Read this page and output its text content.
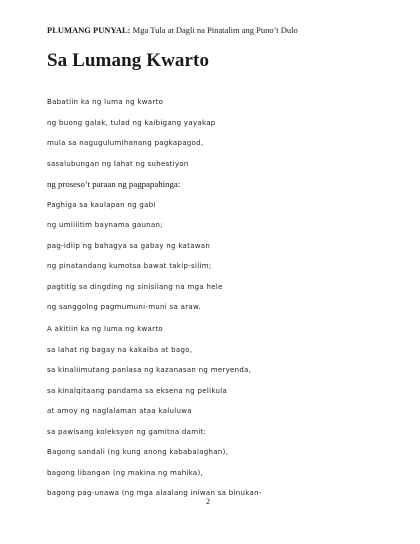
PLUMANG PUNYAL: Mga Tula at Dagli na Pinatalim ang Puno’t Dulo
Sa Lumang Kwarto
Babatiin ka ng luma ng kwarto
ng buong galak, tulad ng kaibigang yayakap
mula sa nagugulumihanang pagkapagod,
sasalubungan ng lahat ng suhestiyon
ng proseso’t paraan ng pagpapahinga:
Paghiga sa kaulapan ng gabi
ng umiiiitim baynama gaunan;
pag-idlip ng bahagya sa gabay ng katawan
ng pinatandang kumotsa bawat takip-silim;
pagtitig sa dingding ng sinisilang na mga hele
ng sanggolng pagmumuni-muni sa araw.
A akitiin ka ng luma ng kwarto
sa lahat ng bagay na kakaiba at bago,
sa kinaliimutang panlasa ng kazanasan ng meryenda,
sa kinalqitaang pandama sa eksena ng pelikula
at amoy ng naglalaman ataa kaluluwa
sa pawisang koleksyon ng gamitna damit:
Bagong sandali (ng kung anong kababalaghan),
bagong libangan (ng makina ng mahika),
bagong pag-unawa (ng mga alaalang iniwan sa binukan-
2
